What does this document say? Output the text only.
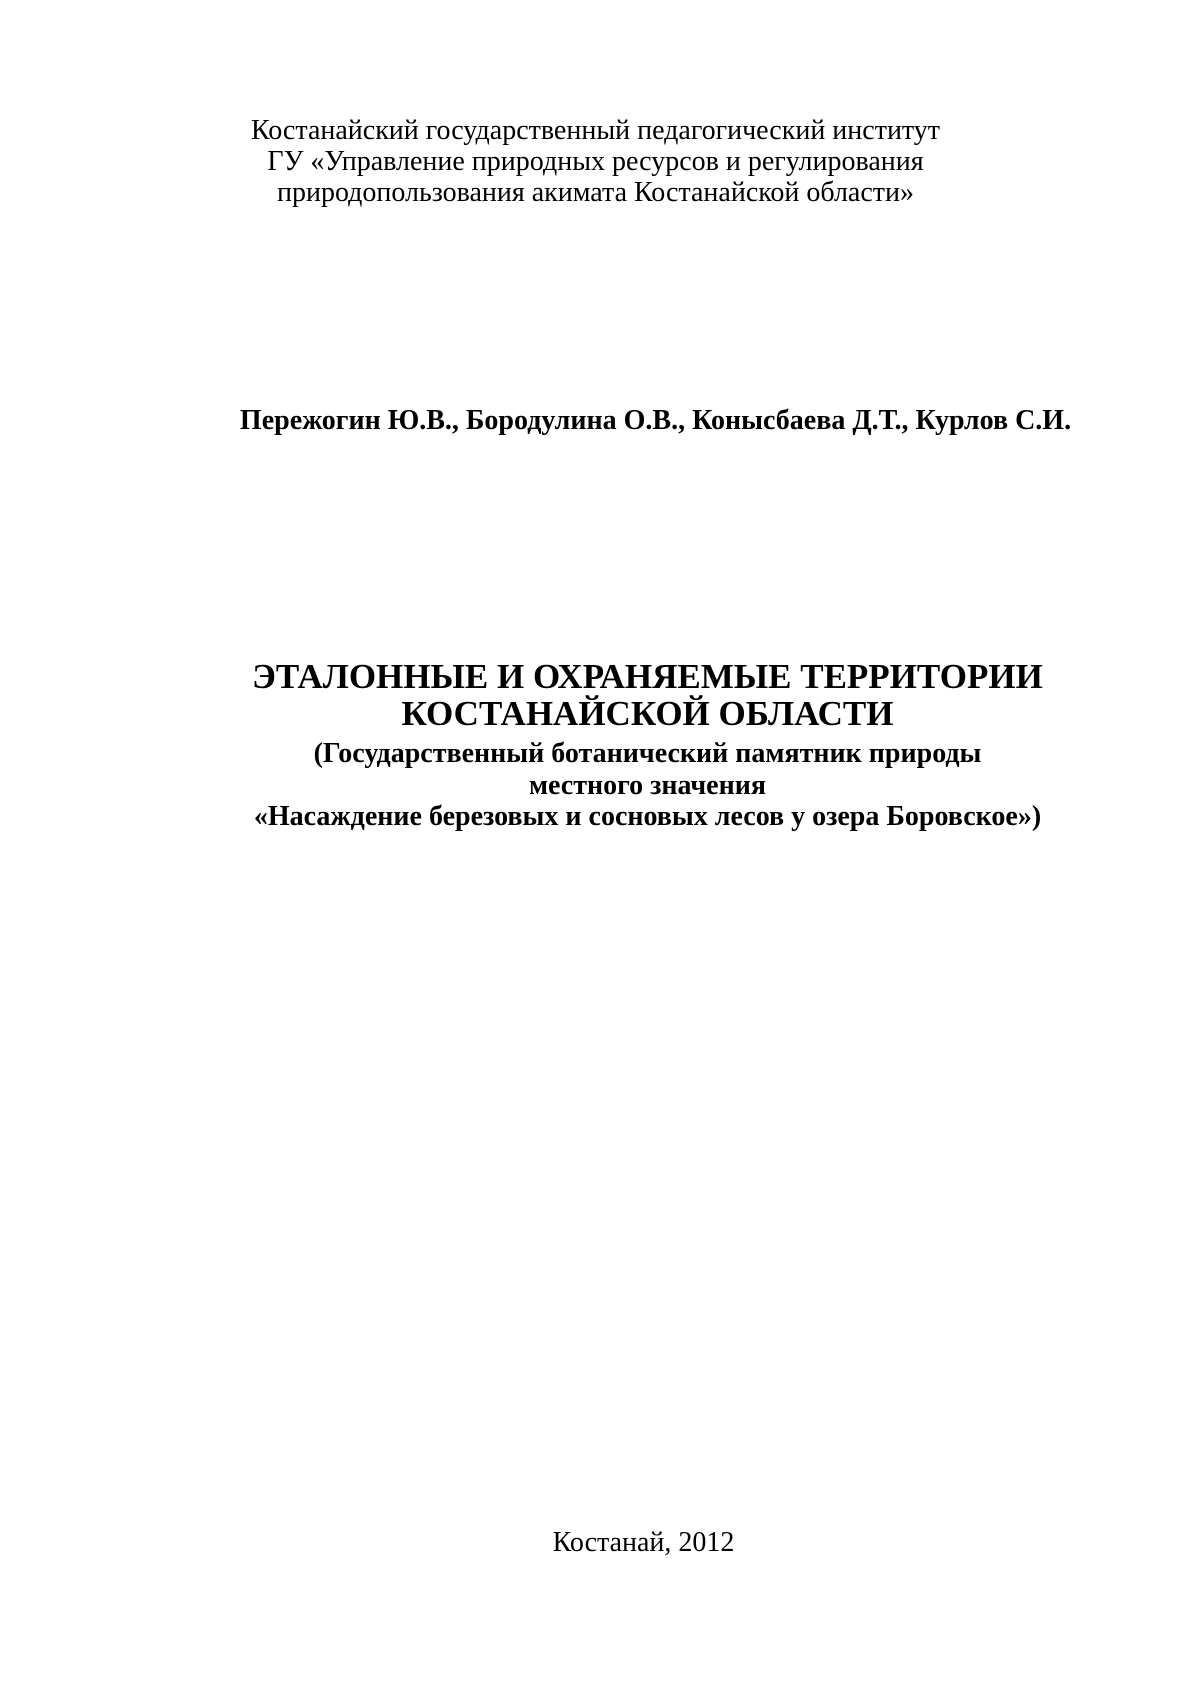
Костанайский государственный педагогический институт
ГУ «Управление природных ресурсов и регулирования
природопользования акимата Костанайской области»
Пережогин Ю.В., Бородулина О.В., Конысбаева Д.Т., Курлов С.И.
ЭТАЛОННЫЕ И ОХРАНЯЕМЫЕ ТЕРРИТОРИИ
КОСТАНАЙСКОЙ ОБЛАСТИ
(Государственный ботанический памятник природы
местного значения
«Насаждение березовых и сосновых лесов у озера Боровское»)
Костанай, 2012
